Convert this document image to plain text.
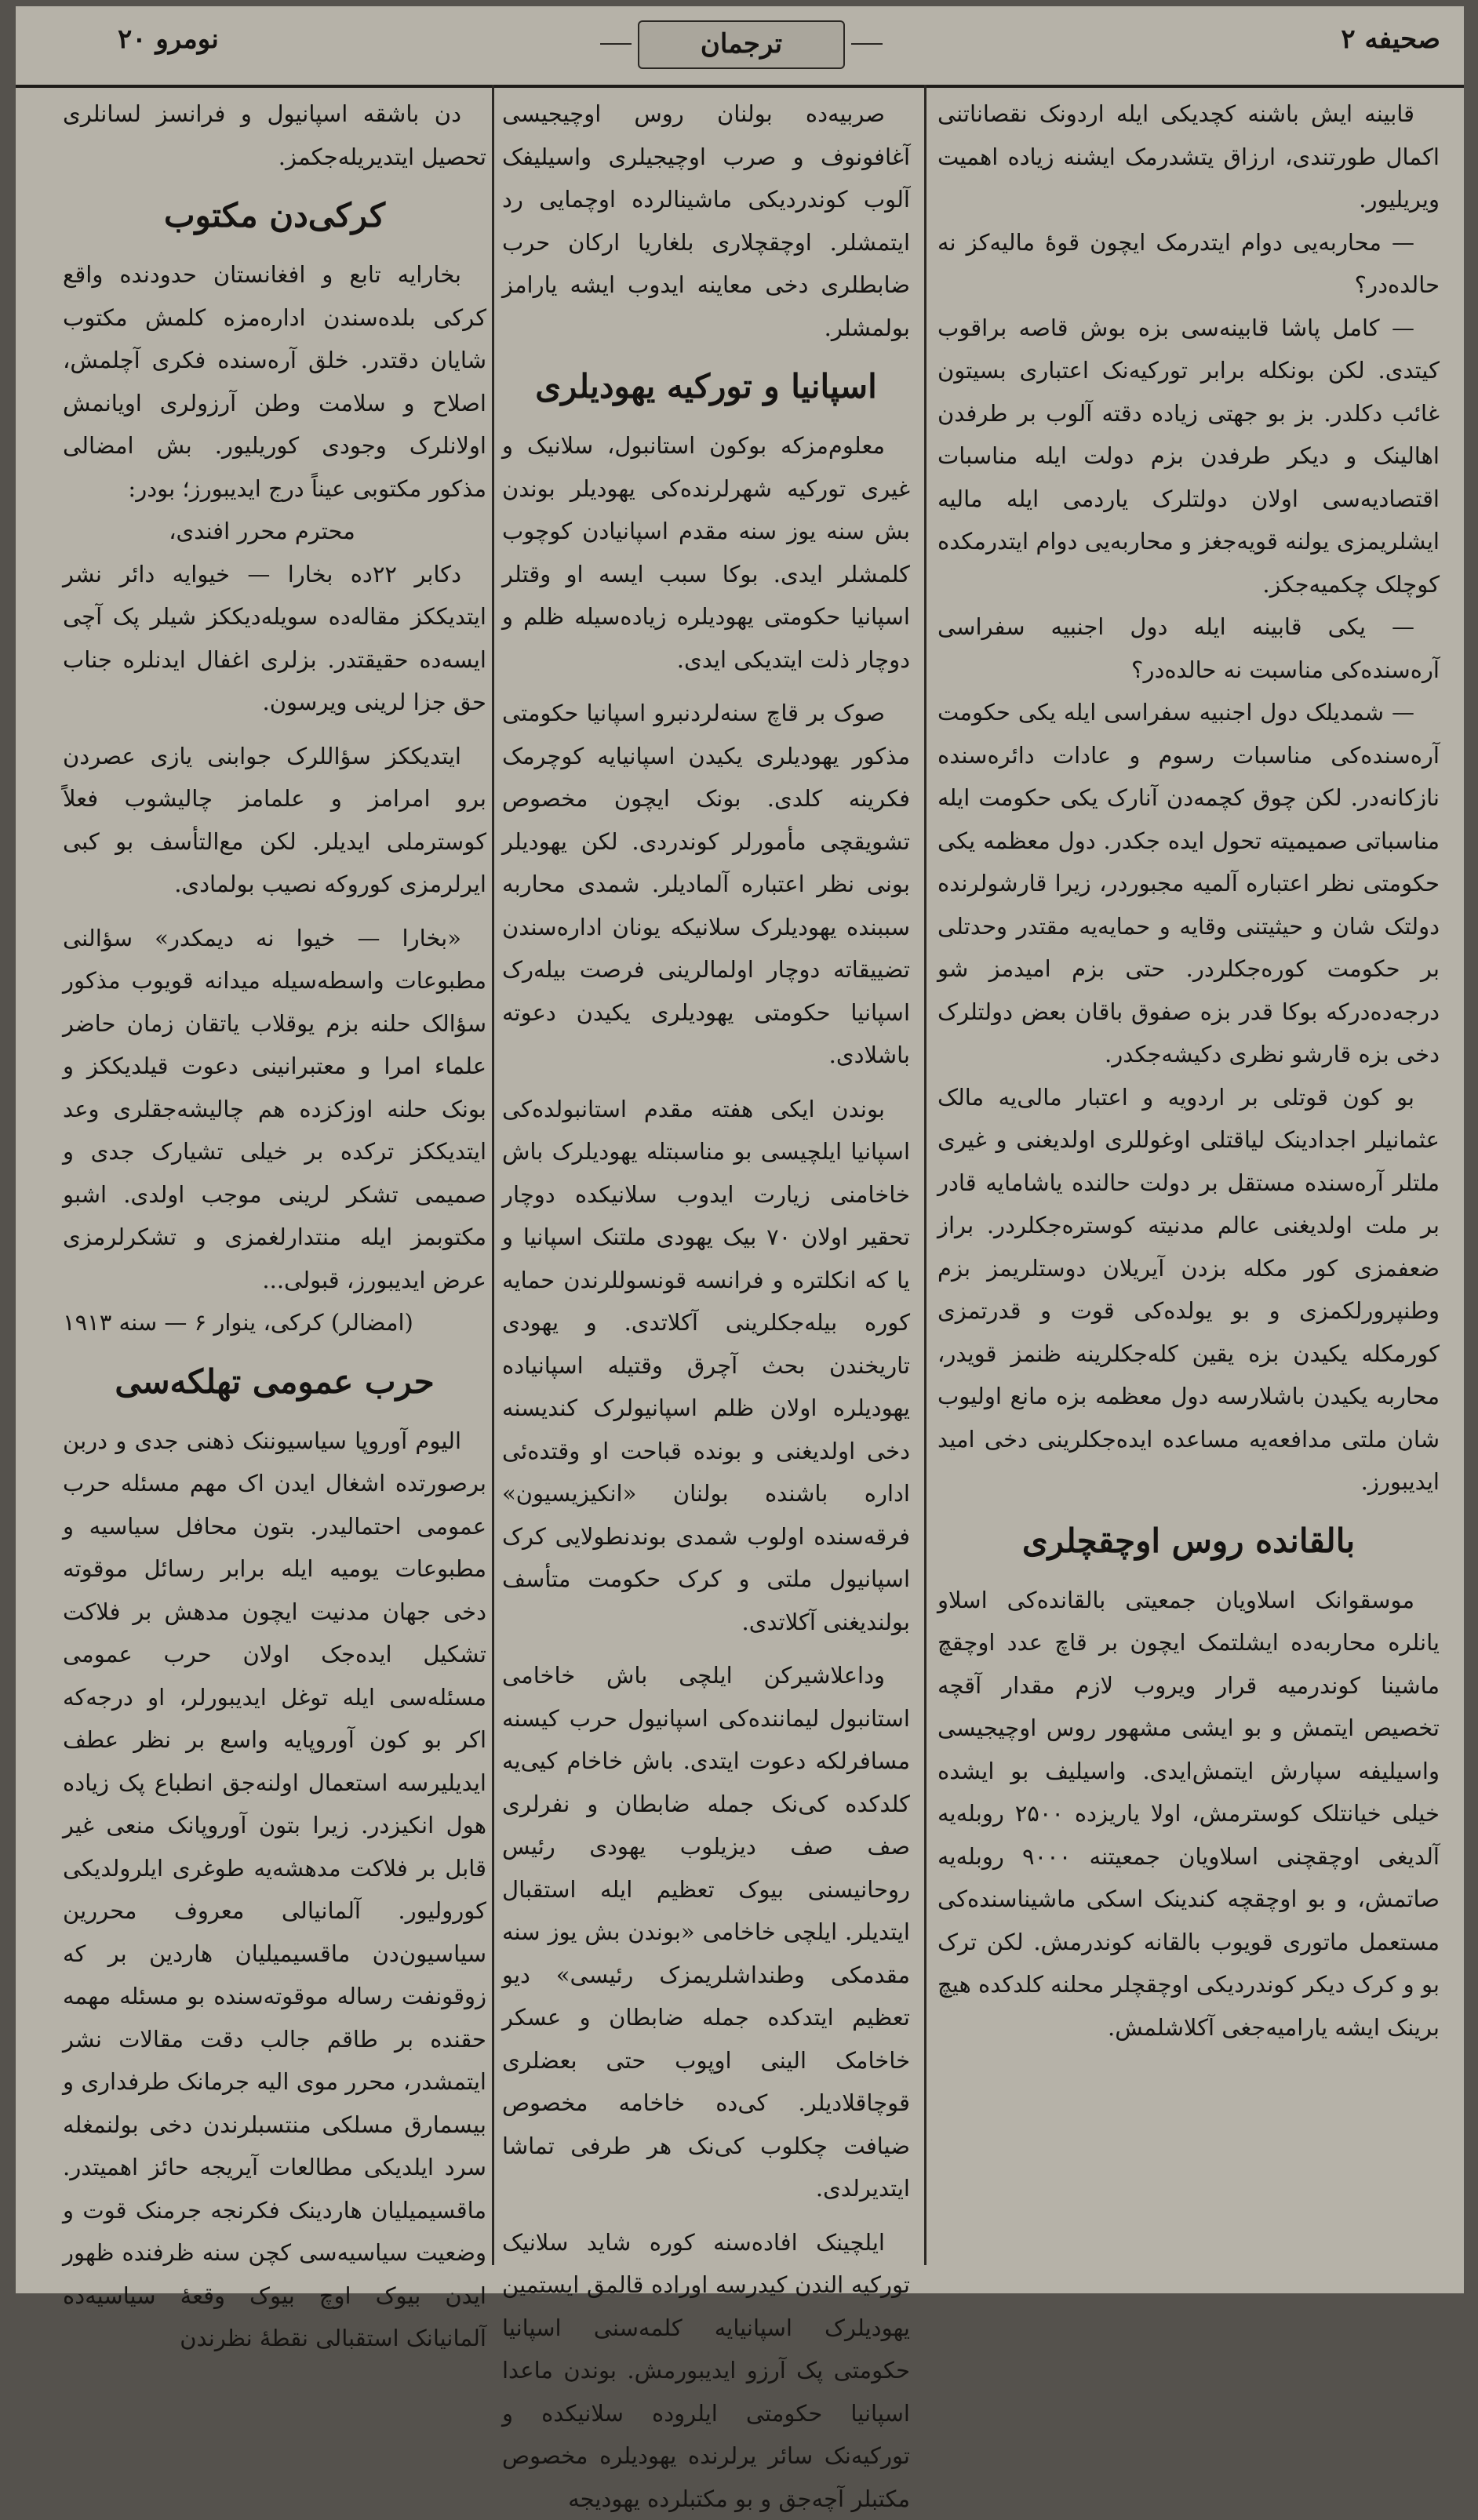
صحیفه ۲
ترجمان
نومرو ۲۰

قابینه ایش باشنه کچدیکی ایله اردونک نقصاناتنی اکمال طورتندی، ارزاق یتشدرمک ایشنه زیاده اهمیت ویریلیور.

— محاربه‌یی دوام ایتدرمک ایچون قوهٔ مالیه‌کز نه حالده‌در؟

— کامل پاشا قابینه‌سی بزه بوش قاصه براقوب کیتدی. لکن بونکله برابر تورکیه‌نک اعتباری بسیتون غائب دکلدر. بز بو جهتی زیاده دقته آلوب بر طرفدن اهالینک و دیکر طرفدن بزم دولت ایله مناسبات اقتصادیه‌سی اولان دولتلرک یاردمی ایله مالیه ایشلریمزی یولنه قویه‌جغز و محاربه‌یی دوام ایتدرمکده کوچلک چکمیه‌جکز.

— یکی قابینه ایله دول اجنبیه سفراسی آره‌سنده‌کی مناسبت نه حالده‌در؟

— شمدیلک دول اجنبیه سفراسی ایله یکی حکومت آره‌سنده‌کی مناسبات رسوم و عادات دائره‌سنده نازکانه‌در. لکن چوق کچمه‌دن آنارک یکی حکومت ایله مناسباتی صمیمیته تحول ایده جکدر. دول معظمه یکی حکومتی نظر اعتباره آلمیه مجبوردر، زیرا قارشولرنده دولتک شان و حیثیتنی وقایه و حمایه‌یه مقتدر وحدتلی بر حکومت کوره‌جکلردر. حتی بزم امیدمز شو درجه‌ده‌درکه بوکا قدر بزه صفوق باقان بعض دولتلرک دخی بزه قارشو نظری دکیشه‌جکدر.

بو کون قوتلی بر اردویه و اعتبار مالی‌یه مالک عثمانیلر اجدادینک لیاقتلی اوغوللری اولدیغنی و غیری ملتلر آره‌سنده مستقل بر دولت حالنده یاشامایه قادر بر ملت اولدیغنی عالم مدنیته کوستره‌جکلردر. براز ضعفمزی کور مکله بزدن آیریلان دوستلریمز بزم وطنپرورلکمزی و بو یولده‌کی قوت و قدرتمزی کورمکله یکیدن بزه یقین کله‌جکلرینه ظنمز قویدر، محاربه یکیدن باشلارسه دول معظمه بزه مانع اولیوب شان ملتی مدافعه‌یه مساعده ایده‌جکلرینی دخی امید ایدیبورز.

بالقانده روس اوچقچلری

موسقوانک اسلاویان جمعیتی بالقانده‌کی اسلاو یانلره محاربه‌ده ایشلتمک ایچون بر قاچ عدد اوچقچ ماشینا کوندرمیه قرار ویروب لازم مقدار آقچه تخصیص ایتمش و بو ایشی مشهور روس اوچیجیسی واسیلیفه سپارش ایتمش‌ایدی. واسیلیف بو ایشده خیلی خیانتلک کوسترمش، اولا یاریزده ۲۵۰۰ روبله‌یه آلدیغی اوچقچنی اسلاویان جمعیتنه ۹۰۰۰ روبله‌یه صاتمش، و بو اوچقچه کندینک اسکی ماشیناسنده‌کی مستعمل ماتوری قویوب بالقانه کوندرمش. لکن ترک بو و کرک دیکر کوندردیکی اوچقچلر محلنه کلدکده هیچ برینک ایشه یارامیه‌جغی آکلاشلمش.

صربیه‌ده بولنان روس اوچیجیسی آغافونوف و صرب اوچیجیلری واسیلیفک آلوب کوندردیکی ماشینالرده اوچمایی رد ایتمشلر. اوچقچلاری بلغاریا ارکان حرب ضابطلری دخی معاینه ایدوب ایشه یارامز بولمشلر.

اسپانیا و تورکیه یهودیلری

معلوم‌مزکه بوکون استانبول، سلانیک و غیری تورکیه شهرلرنده‌کی یهودیلر بوندن بش سنه یوز سنه مقدم اسپانیادن کوچوب کلمشلر ایدی. بوکا سبب ایسه او وقتلر اسپانیا حکومتی یهودیلره زیاده‌سیله ظلم و دوچار ذلت ایتدیکی ایدی.

صوک بر قاچ سنه‌لردنبرو اسپانیا حکومتی مذکور یهودیلری یکیدن اسپانیایه کوچرمک فکرینه کلدی. بونک ایچون مخصوص تشویقچی مأمورلر کوندردی. لکن یهودیلر بونی نظر اعتباره آلمادیلر. شمدی محاربه سببنده یهودیلرک سلانیکه یونان اداره‌سندن تضییقاته دوچار اولمالرینی فرصت بیله‌رک اسپانیا حکومتی یهودیلری یکیدن دعوته باشلادی.

بوندن ایکی هفته مقدم استانبولده‌کی اسپانیا ایلچیسی بو مناسبتله یهودیلرک باش خاخامنی زیارت ایدوب سلانیکده دوچار تحقیر اولان ۷۰ بیک یهودی ملتنک اسپانیا و یا که انکلتره و فرانسه قونسوللرندن حمایه کوره بیله‌جکلرینی آکلاتدی. و یهودی تاریخندن بحث آچرق وقتیله اسپانیاده یهودیلره اولان ظلم اسپانیولرک کندیسنه دخی اولدیغنی و بونده قباحت او وقتده‌ئی اداره باشنده بولنان «انکیزیسیون» فرقه‌سنده اولوب شمدی بوندنطولایی کرک اسپانیول ملتی و کرک حکومت متأسف بولندیغنی آکلاتدی.

وداعلاشیرکن ایلچی باش خاخامی استانبول لیماننده‌کی اسپانیول حرب کیسنه مسافرلکه دعوت ایتدی. باش خاخام کیی‌یه کلدکده کی‌نک جمله ضابطان و نفرلری صف صف دیزیلوب یهودی رئیس روحانیسنی بیوک تعظیم ایله استقبال ایتدیلر. ایلچی خاخامی «بوندن بش یوز سنه مقدمکی وطنداشلریمزک رئیسی» دیو تعظیم ایتدکده جمله ضابطان و عسکر خاخامک الینی اوپوب حتی بعضلری قوچاقلادیلر. کی‌ده خاخامه مخصوص ضیافت چکلوب کی‌نک هر طرفی تماشا ایتدیرلدی.

ایلچینک افاده‌سنه کوره شاید سلانیک تورکیه الندن کیدرسه اوراده قالمق ایستمین یهودیلرک اسپانیایه کلمه‌سنی اسپانیا حکومتی پک آرزو ایدیبورمش. بوندن ماعدا اسپانیا حکومتی ایلروده سلانیکده و تورکیه‌نک سائر یرلرنده یهودیلره مخصوص مکتبلر آچه‌جق و بو مکتبلرده یهودیجه

دن باشقه اسپانیول و فرانسز لسانلری تحصیل ایتدیریله‌جکمز.

کرکی‌دن مکتوب

بخارایه تابع و افغانستان حدودنده واقع کرکی بلده‌سندن اداره‌مزه کلمش مکتوب شایان دقتدر. خلق آره‌سنده فکری آچلمش، اصلاح و سلامت وطن آرزولری اویانمش اولانلرک وجودی کوریلیور. بش امضالی مذکور مکتوبی عیناً درج ایدیبورز؛ بودر:

محترم محرر افندی،

دکابر ۲۲ده بخارا — خیوایه دائر نشر ایتدیککز مقاله‌ده سویله‌دیککز شیلر پک آچی ایسه‌ده حقیقتدر. بزلری اغفال ایدنلره جناب حق جزا لرینی ویرسون.

ایتدیککز سؤاللرک جوابنی یازی عصردن برو امرامز و علمامز چالیشوب فعلاً کوسترملی ایدیلر. لکن مع‌التأسف بو کبی ایرلرمزی کوروکه نصیب بولمادی.

«بخارا — خیوا نه دیمکدر» سؤالنی مطبوعات واسطه‌سیله میدانه قویوب مذکور سؤالک حلنه بزم یوقلاب یاتقان زمان حاضر علماء امرا و معتبرانینی دعوت قیلدیککز و بونک حلنه اوزکزده هم چالیشه‌جقلری وعد ایتدیککز ترکده بر خیلی تشیارک جدی و صمیمی تشکر لرینی موجب اولدی. اشبو مکتوبمز ایله منتدارلغمزی و تشکرلرمزی عرض ایدیبورز، قبولی...

(امضالر) کرکی، ینوار ۶ — سنه ۱۹۱۳

حرب عمومی تهلکه‌سی

الیوم آوروپا سیاسیوننک ذهنی جدی و دربن برصورتده اشغال ایدن اک مهم مسئله حرب عمومی احتمالیدر. بتون محافل سیاسیه و مطبوعات یومیه ایله برابر رسائل موقوته دخی جهان مدنیت ایچون مدهش بر فلاکت تشکیل ایده‌جک اولان حرب عمومی مسئله‌سی ایله توغل ایدیبورلر، او درجه‌که اکر بو کون آوروپایه واسع بر نظر عطف ایدیلیرسه استعمال اولنه‌جق انطباع پک زیاده هول انکیزدر. زیرا بتون آوروپانک منعی غیر قابل بر فلاکت مدهشه‌یه طوغری ایلرولدیکی کورولیور. آلمانیالی معروف محررین سیاسیون‌دن ماقسیمیلیان هاردین بر که زوقونفت رساله موقوته‌سنده بو مسئله مهمه حقنده بر طاقم جالب دقت مقالات نشر ایتمشدر، محرر موی الیه جرمانک طرفداری و بیسمارق مسلکی منتسبلرندن دخی بولنمغله سرد ایلدیکی مطالعات آیریجه حائز اهمیتدر. ماقسیمیلیان هاردینک فکرنجه جرمنک قوت و وضعیت سیاسیه‌سی کچن سنه ظرفنده ظهور ایدن بیوک اوچ بیوک وقعهٔ سیاسیه‌ده آلمانیانک استقبالی نقطهٔ نظرندن
